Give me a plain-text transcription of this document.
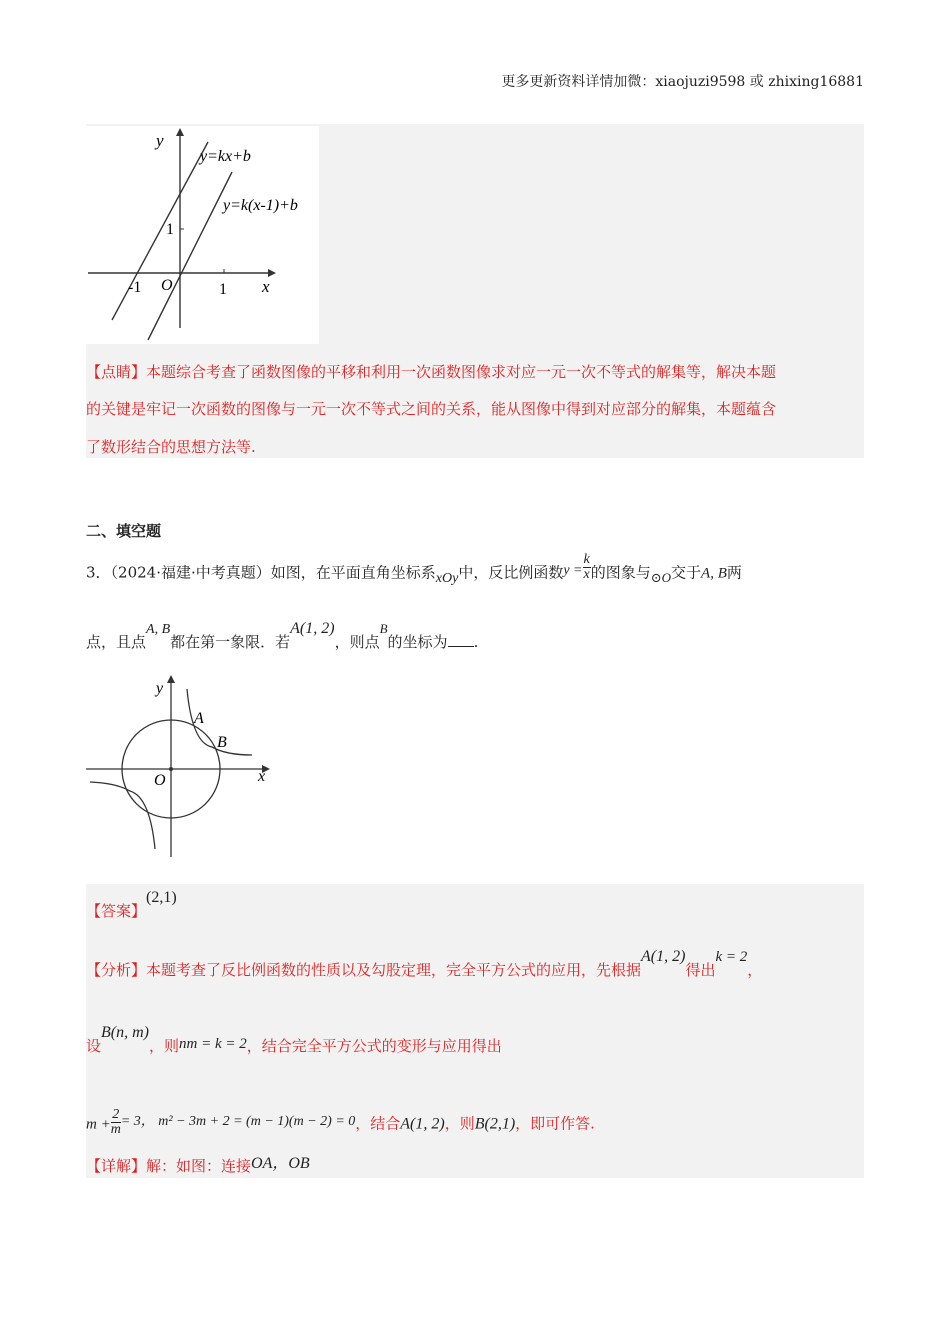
更多更新资料详情加微：xiaojuzi9598 或 zhixing16881
y
x
y=kx+b
y=k(x-1)+b
-1 O	1
1
【点睛】本题综合考查了函数图像的平移和利用一次函数图像求对应一元一次不等式的解集等，解决本题
的关键是牢记一次函数的图像与一元一次不等式之间的关系，能从图像中得到对应部分的解集，本题蕴含
了数形结合的思想方法等.
二、填空题
3．（2024·福建·中考真题）如图，在平面直角坐标系xOy中，反比例函数$y = \frac{k}{x}$ 的图象与⊙O交于A, B两
点，且点A, B都在第一象限．若A(1, 2)，则点B的坐标为 .
y
x
O
A
B
【答案】(2,1)
【分析】本题考查了反比例函数的性质以及勾股定理，完全平方公式的应用，先根据A(1, 2)得出k = 2，
设B(n, m)，则nm = k = 2，结合完全平方公式的变形与应用得出
$m + \frac{2}{m} = 3$， m² − 3m + 2 = (m − 1)(m − 2) = 0，结合A(1, 2)，则B(2,1)，即可作答.
【详解】解：如图：连接OA，OB
